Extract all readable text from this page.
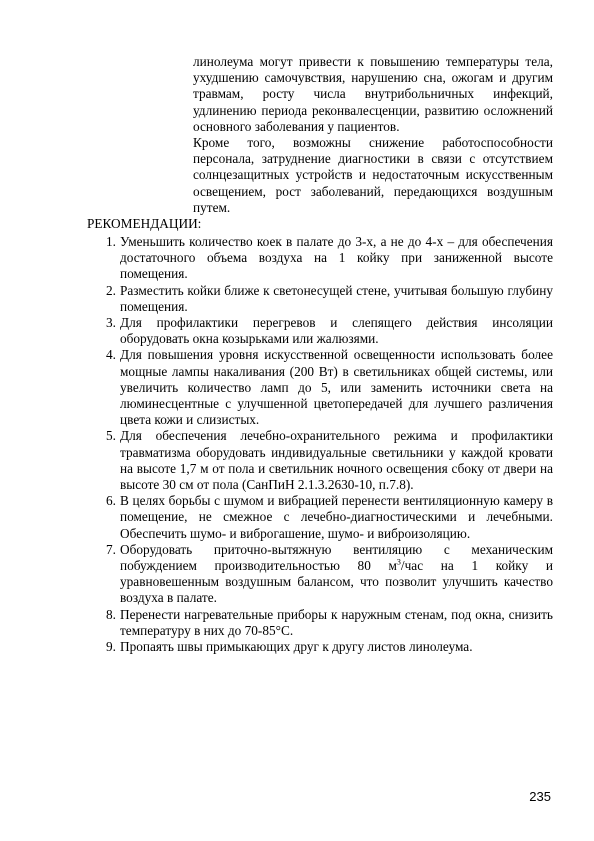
линолеума могут привести к повышению температуры тела, ухудшению самочувствия, нарушению сна, ожогам и другим травмам, росту числа внутрибольничных инфекций, удлинению периода реконвалесценции, развитию осложнений основного заболевания у пациентов.

Кроме того, возможны снижение работоспособности персонала, затруднение диагностики в связи с отсутствием солнцезащитных устройств и недостаточным искусственным освещением, рост заболеваний, передающихся воздушным путем.

РЕКОМЕНДАЦИИ:

1. Уменьшить количество коек в палате до 3-х, а не до 4-х – для обеспечения достаточного объема воздуха на 1 койку при заниженной высоте помещения.
2. Разместить койки ближе к светонесущей стене, учитывая большую глубину помещения.
3. Для профилактики перегревов и слепящего действия инсоляции оборудовать окна козырьками или жалюзями.
4. Для повышения уровня искусственной освещенности использовать более мощные лампы накаливания (200 Вт) в светильниках общей системы, или увеличить количество ламп до 5, или заменить источники света на люминесцентные с улучшенной цветопередачей для лучшего различения цвета кожи и слизистых.
5. Для обеспечения лечебно-охранительного режима и профилактики травматизма оборудовать индивидуальные светильники у каждой кровати на высоте 1,7 м от пола и светильник ночного освещения сбоку от двери на высоте 30 см от пола (СанПиН 2.1.3.2630-10, п.7.8).
6. В целях борьбы с шумом и вибрацией перенести вентиляционную камеру в помещение, не смежное с лечебно-диагностическими и лечебными. Обеспечить шумо- и виброгашение, шумо- и виброизоляцию.
7. Оборудовать приточно-вытяжную вентиляцию с механическим побуждением производительностью 80 $м^3$/час на 1 койку и уравновешенным воздушным балансом, что позволит улучшить качество воздуха в палате.
8. Перенести нагревательные приборы к наружным стенам, под окна, снизить температуру в них до 70-85°С.
9. Пропаять швы примыкающих друг к другу листов линолеума.
235
